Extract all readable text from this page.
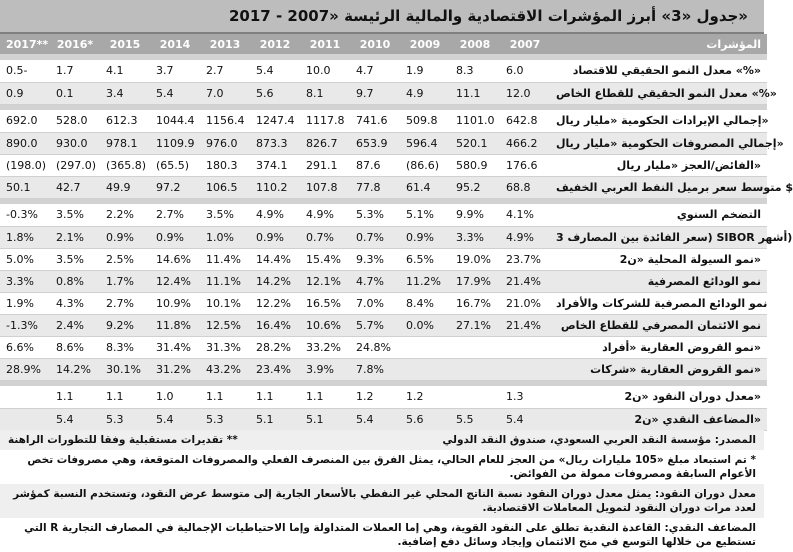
جدول «3» أبرز المؤشرات الاقتصادية والمالية الرئيسة «2007 - 2017»
2017**	2016*	2015	2014	2013	2012	2011	2010	2009	2008	2007	المؤشرات

0.5-	1.7	4.1	3.7	2.7	5.4	10.0	4.7	1.9	8.3	6.0	معدل النمو الحقيقي للاقتصاد «%»
0.9	0.1	3.4	5.4	7.0	5.6	8.1	9.7	4.9	11.1	12.0	معدل النمو الحقيقي للقطاع الخاص «%»

692.0	528.0	612.3	1044.4	1156.4	1247.4	1117.8	741.6	509.8	1101.0	642.8	إجمالي الإيرادات الحكومية «مليار ريال»
890.0	930.0	978.1	1109.9	976.0	873.3	826.7	653.9	596.4	520.1	466.2	إجمالي المصروفات الحكومية «مليار ريال»
(198.0)	(297.0)	(365.8)	(65.5)	180.3	374.1	291.1	87.6	(86.6)	580.9	176.6	الفائض/العجز «مليار ريال»
50.1	42.7	49.9	97.2	106.5	110.2	107.8	77.8	61.4	95.2	68.8	متوسط سعر برميل النفط العربي الخفيف $

-0.3%	3.5%	2.2%	2.7%	3.5%	4.9%	4.9%	5.3%	5.1%	9.9%	4.1%	التضخم السنوي
1.8%	2.1%	0.9%	0.9%	1.0%	0.9%	0.7%	0.7%	0.9%	3.3%	4.9%	سعر الفائدة بين المصارف 3) SIBOR أشهر)
5.0%	3.5%	2.5%	14.6%	11.4%	14.4%	15.4%	9.3%	6.5%	19.0%	23.7%	نمو السيولة المحلية «ن2»
3.3%	0.8%	1.7%	12.4%	11.1%	14.2%	12.1%	4.7%	11.2%	17.9%	21.4%	نمو الودائع المصرفية
1.9%	4.3%	2.7%	10.9%	10.1%	12.2%	16.5%	7.0%	8.4%	16.7%	21.0%	نمو الودائع المصرفية للشركات والأفراد
-1.3%	2.4%	9.2%	11.8%	12.5%	16.4%	10.6%	5.7%	0.0%	27.1%	21.4%	نمو الائتمان المصرفي للقطاع الخاص
6.6%	8.6%	8.3%	31.4%	31.3%	28.2%	33.2%	24.8%				نمو القروض العقارية «أفراد»
28.9%	14.2%	30.1%	31.2%	43.2%	23.4%	3.9%	7.8%				نمو القروض العقارية «شركات»

	1.1	1.1	1.0	1.1	1.1	1.1	1.2	1.2		1.3	معدل دوران النقود «ن2»
	5.4	5.3	5.4	5.3	5.1	5.1	5.4	5.6	5.5	5.4	المضاعف النقدي «ن2»
المصدر: مؤسسة النقد العربي السعودي، صندوق النقد الدولي
** تقديرات مستقبلية وفقا للتطورات الراهنة
* تم استبعاد مبلغ «105 مليارات ريال» من العجز للعام الحالي، يمثل الفرق بين المنصرف الفعلي والمصروفات المتوقعة، وهي مصروفات تخص الأعوام السابقة ومصروفات ممولة من الفوائض.
معدل دوران النقود: يمثل معدل دوران النقود نسبة الناتج المحلي غير النفطي بالأسعار الجارية إلى متوسط عرض النقود، وتستخدم النسبة كمؤشر لعدد مرات دوران النقود لتمويل المعاملات الاقتصادية.
المضاعف النقدي: القاعدة النقدية تطلق على النقود القوية، وهي إما العملات المتداولة وإما الاحتياطيات الإجمالية في المصارف التجارية R التي تستطيع من خلالها التوسع في منح الائتمان وإيجاد وسائل دفع إضافية.
